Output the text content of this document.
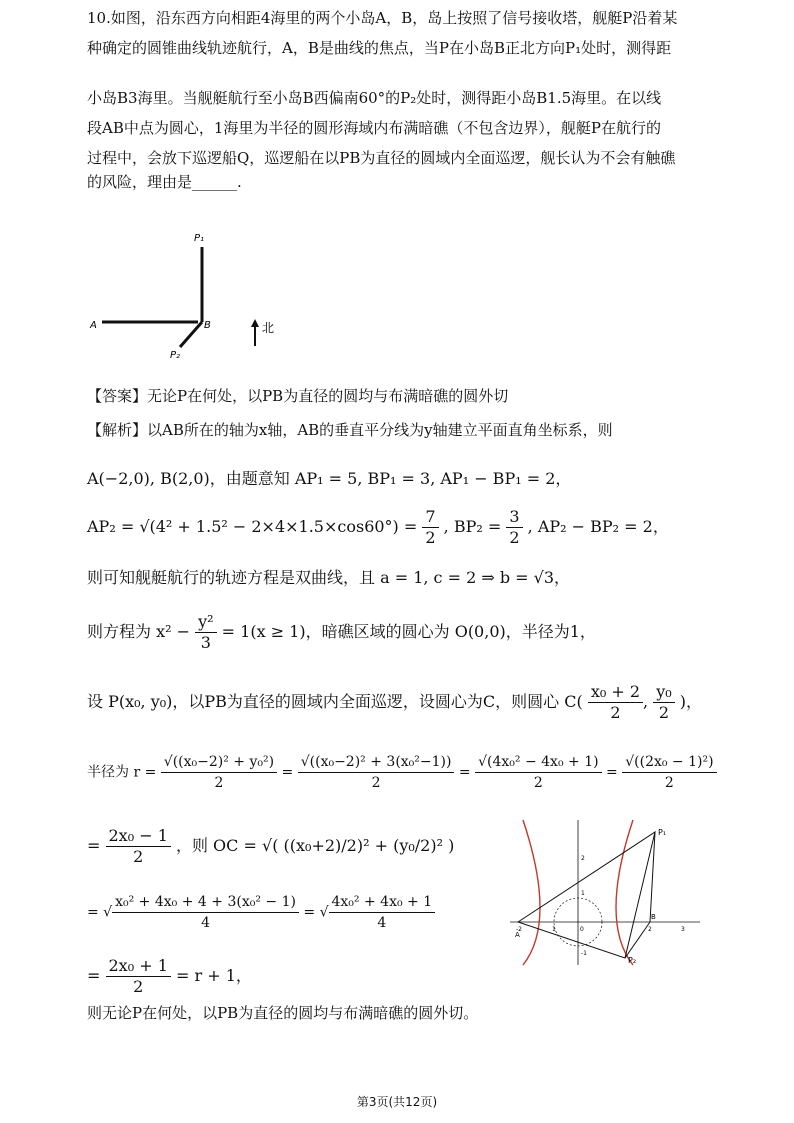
10.如图，沿东西方向相距4海里的两个小岛A，B，岛上按照了信号接收塔，舰艇P沿着某
种确定的圆锥曲线轨迹航行，A，B是曲线的焦点，当P在小岛B正北方向P₁处时，测得距
小岛B3海里。当舰艇航行至小岛B西偏南60°的P₂处时，测得距小岛B1.5海里。在以线
段AB中点为圆心，1海里为半径的圆形海域内布满暗礁（不包含边界），舰艇P在航行的
过程中，会放下巡逻船Q，巡逻船在以PB为直径的圆域内全面巡逻，舰长认为不会有触礁
的风险，理由是______.
P₁
A	B
P₂
北
【答案】无论P在何处，以PB为直径的圆均与布满暗礁的圆外切
【解析】以AB所在的轴为x轴，AB的垂直平分线为y轴建立平面直角坐标系，则
A(−2,0), B(2,0)，由题意知 AP₁ = 5, BP₁ = 3, AP₁ − BP₁ = 2，
$AP_2 = √(4^2 + 1.5^2 - 2\times 4\times 1.5\times\cos 60^\circ) = \frac{7}{2}$ , $BP_2 = \frac{3}{2}$ , AP₂ − BP₂ = 2，
则可知舰艇航行的轨迹方程是双曲线，且 a = 1, c = 2 ⇒ b = √3，
则方程为 $x^2 - \frac{\text{y²}}{3} = 1(x \ge 1)$，暗礁区域的圆心为 O(0,0)，半径为1，
设 P(x₀, y₀)，以PB为直径的圆域内全面巡逻，设圆心为C，则圆心 $C( \frac{\text{x₀ + 2}}{2}$ , $\frac{\text{y₀}}{2}$ )，
半径为 $r = \frac{\text{√((x₀−2)² + y₀²)}}{2} = \frac{\text{√((x₀−2)² + 3(x₀²−1))}}{2} = \frac{\text{√(4x₀² − 4x₀ + 1)}}{2} = \frac{\text{√((2x₀ − 1)²)}}{2}$
= $\frac{\text{2x₀ − 1}}{2}$ ，则 OC = √( ((x₀+2)/2)² + (y₀/2)² )
= √ $\frac{\text{x₀² + 4x₀ + 4 + 3(x₀² − 1)}}{4}$ = √ $\frac{\text{4x₀² + 4x₀ + 1}}{4}$
= $\frac{\text{2x₀ + 1}}{2} = r + 1$，
则无论P在何处，以PB为直径的圆均与布满暗礁的圆外切。
P₁
P₂
A
B
2
1
-1
-2	0
1	2	3
第3页(共12页)
